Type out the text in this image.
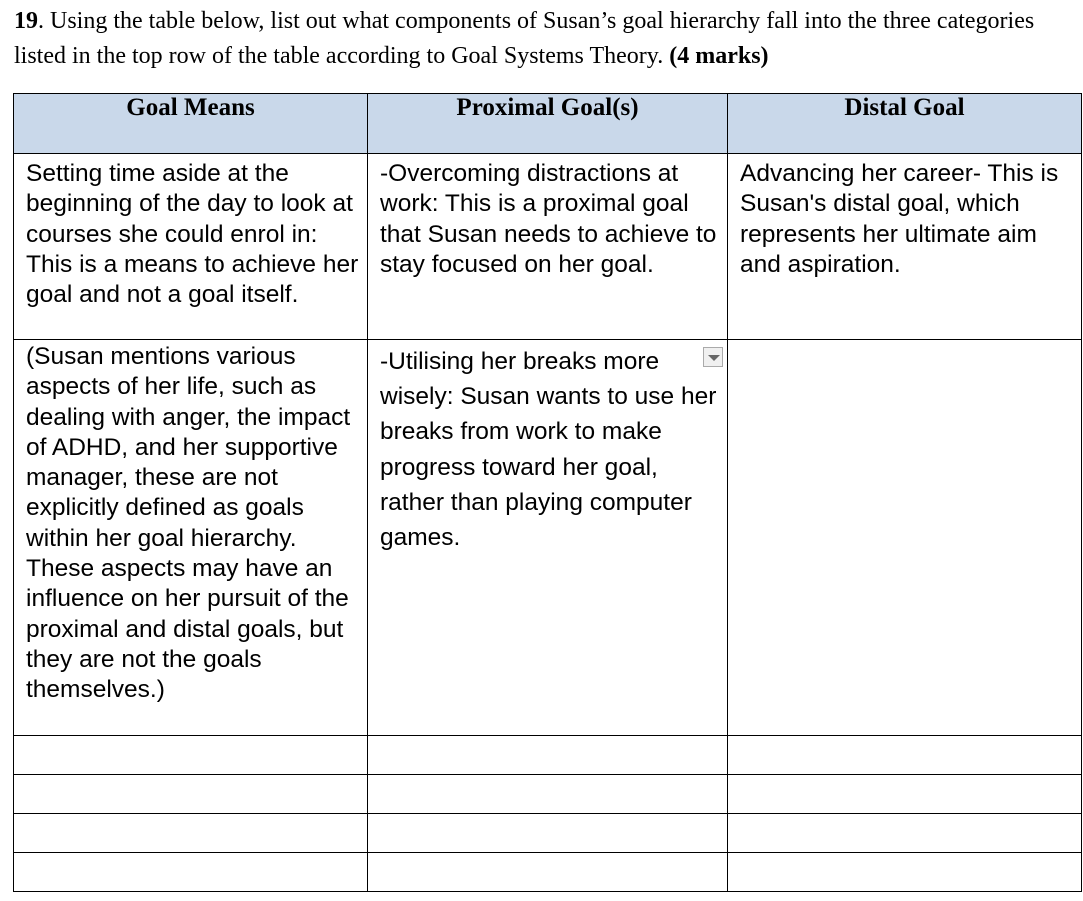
19. Using the table below, list out what components of Susan’s goal hierarchy fall into the three categories listed in the top row of the table according to Goal Systems Theory. (4 marks)
Goal Means	Proximal Goal(s)	Distal Goal

Setting time aside at the beginning of the day to look at courses she could enrol in: This is a means to achieve her goal and not a goal itself.	-Overcoming distractions at work: This is a proximal goal that Susan needs to achieve to stay focused on her goal.	Advancing her career- This is Susan's distal goal, which represents her ultimate aim and aspiration.

(Susan mentions various aspects of her life, such as dealing with anger, the impact of ADHD, and her supportive manager, these are not explicitly defined as goals within her goal hierarchy. These aspects may have an influence on her pursuit of the proximal and distal goals, but they are not the goals themselves.)	-Utilising her breaks more wisely: Susan wants to use her breaks from work to make progress toward her goal, rather than playing computer games.	
